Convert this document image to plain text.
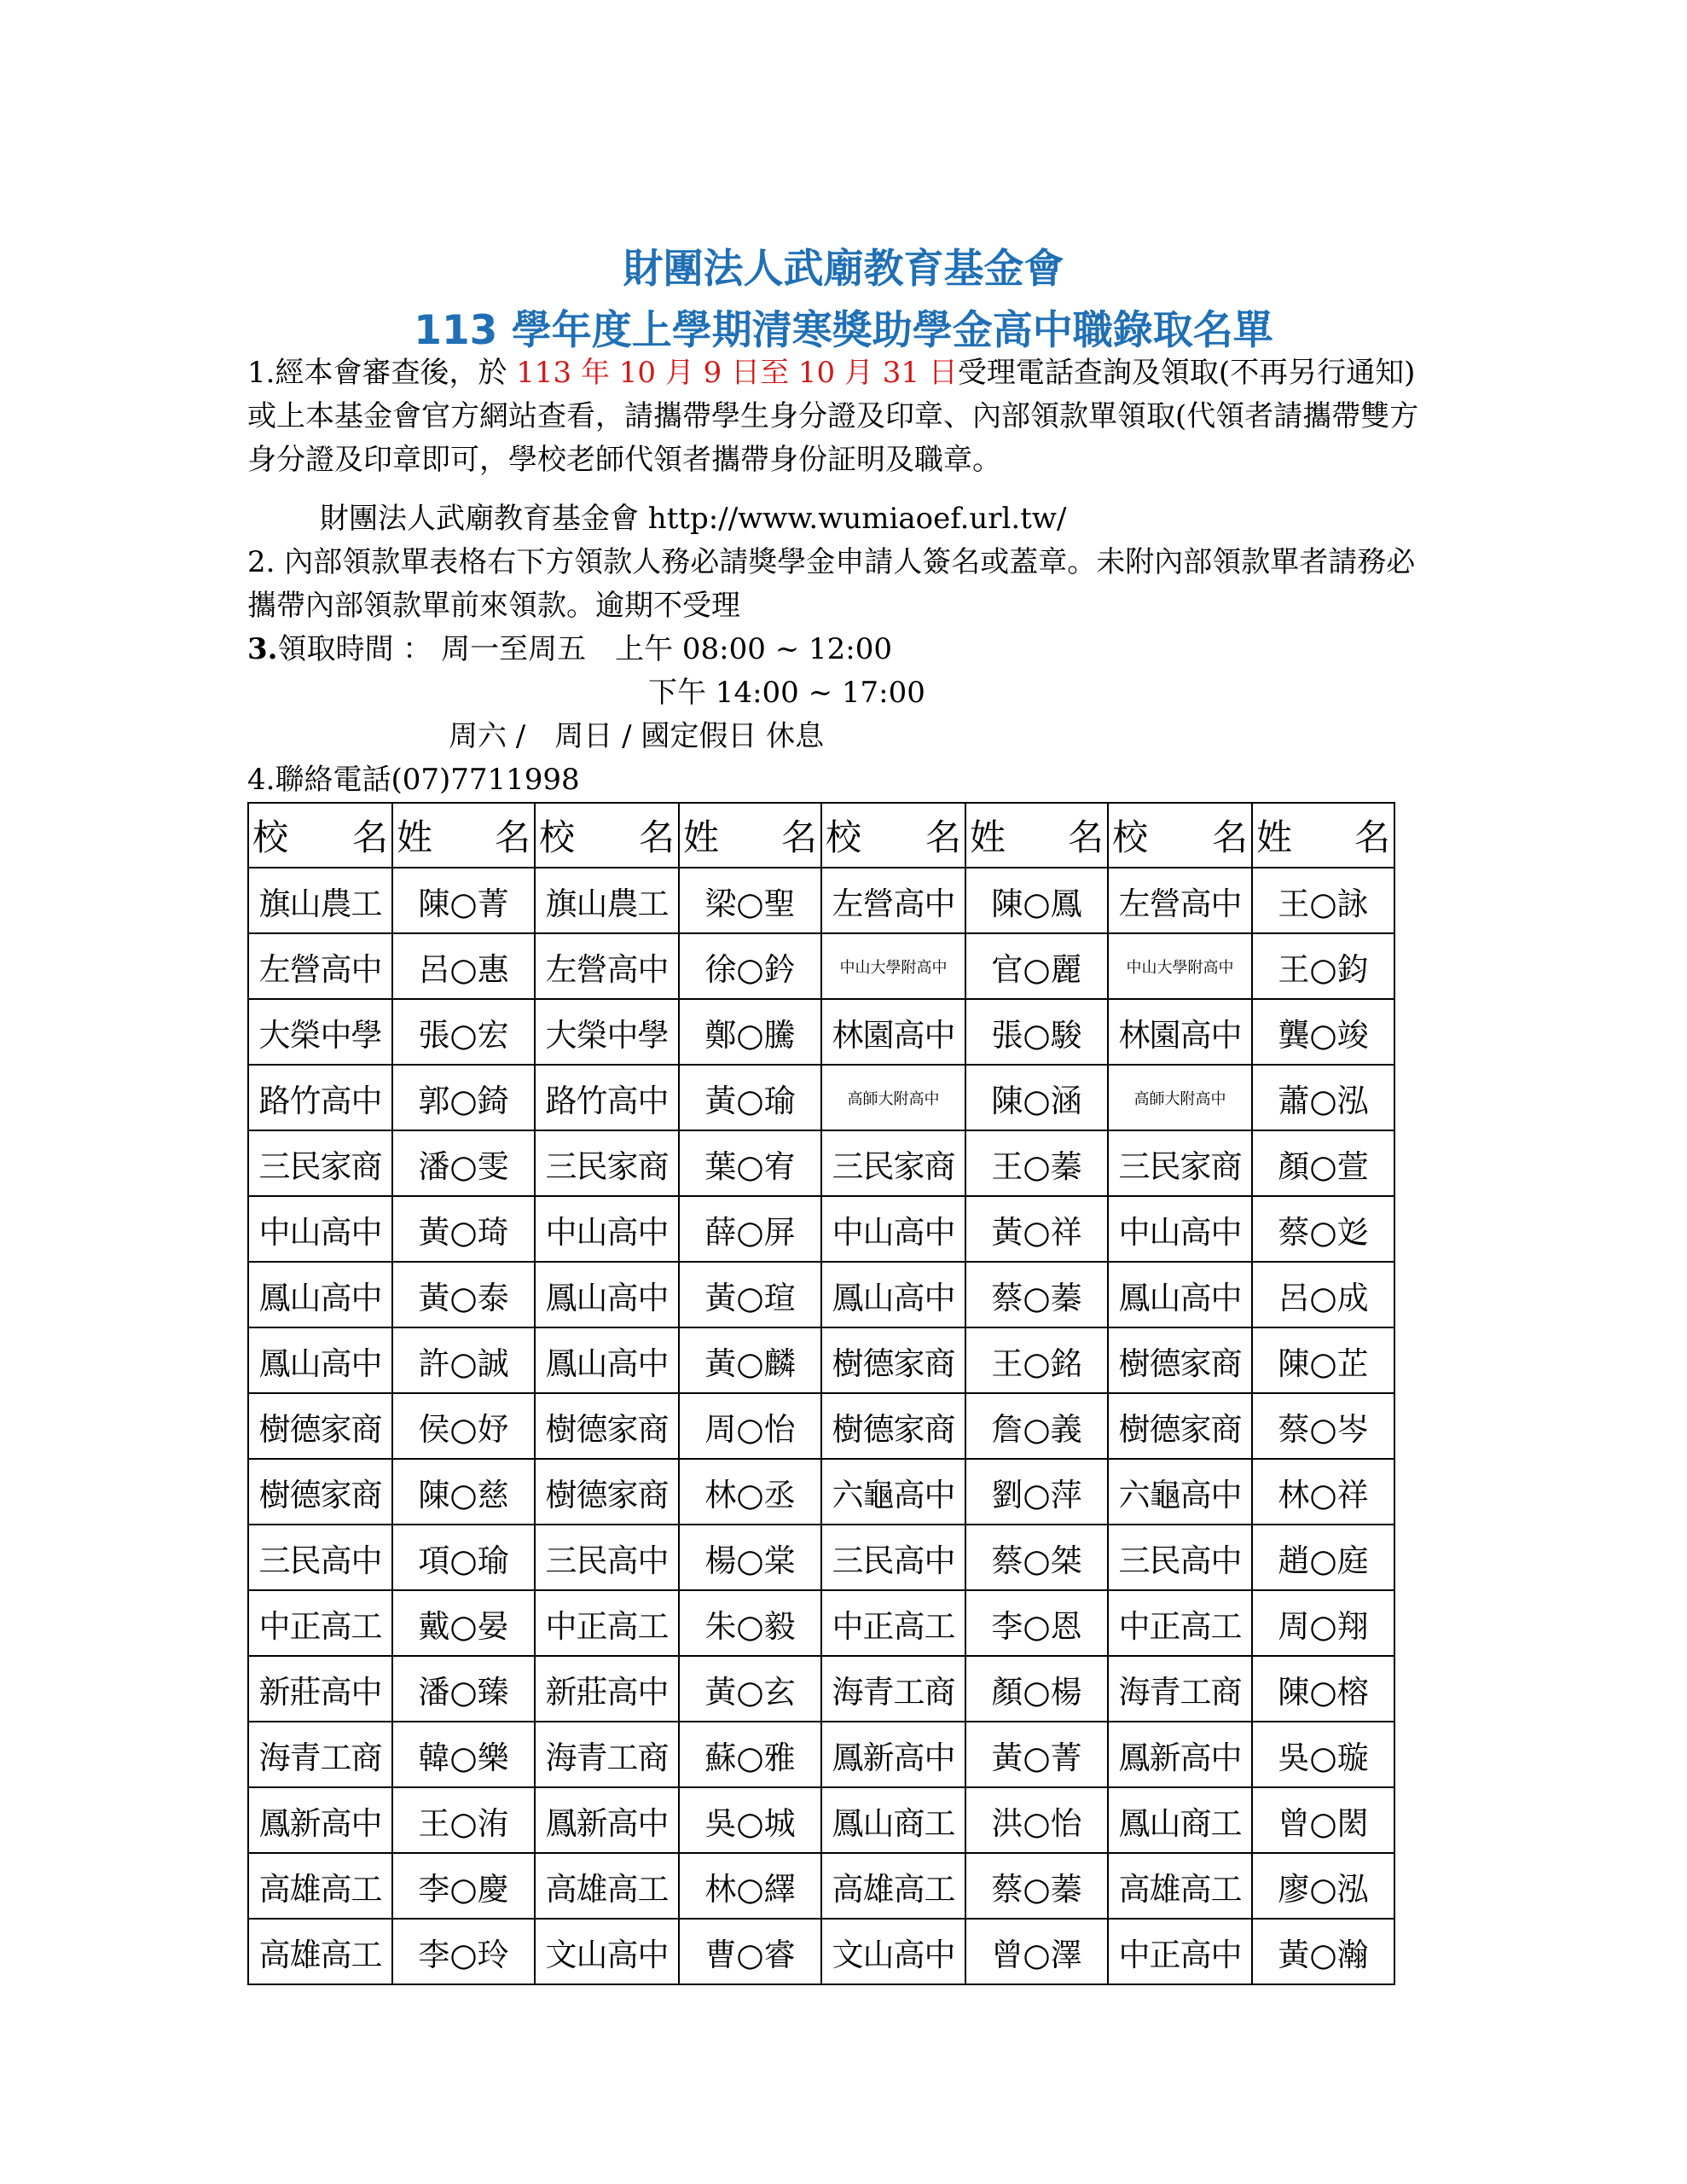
財團法人武廟教育基金會
113 學年度上學期清寒獎助學金高中職錄取名單

1.經本會審查後，於 113 年 10 月 9 日至 10 月 31 日受理電話查詢及領取(不再另行通知)或上本基金會官方網站查看，請攜帶學生身分證及印章、內部領款單領取(代領者請攜帶雙方身分證及印章即可，學校老師代領者攜帶身份証明及職章。

財團法人武廟教育基金會 http://www.wumiaoef.url.tw/

2. 內部領款單表格右下方領款人務必請獎學金申請人簽名或蓋章。未附內部領款單者請務必攜帶內部領款單前來領款。逾期不受理

3.領取時間 ： 周一至周五　上午 08:00 ~ 12:00

下午 14:00 ~ 17:00

周六 /　周日 / 國定假日 休息

4.聯絡電話(07)7711998

校 名	姓 名	校 名	姓 名	校 名	姓 名	校 名	姓 名

旗山農工	陳○菁	旗山農工	梁○聖	左營高中	陳○鳳	左營高中	王○詠
左營高中	呂○惠	左營高中	徐○鈐	中山大學附高中	官○麗	中山大學附高中	王○鈞
大榮中學	張○宏	大榮中學	鄭○騰	林園高中	張○駿	林園高中	龔○竣
路竹高中	郭○錡	路竹高中	黃○瑜	高師大附高中	陳○涵	高師大附高中	蕭○泓
三民家商	潘○雯	三民家商	葉○宥	三民家商	王○蓁	三民家商	顏○萱
中山高中	黃○琦	中山高中	薛○屏	中山高中	黃○祥	中山高中	蔡○彣
鳳山高中	黃○泰	鳳山高中	黃○瑄	鳳山高中	蔡○蓁	鳳山高中	呂○成
鳳山高中	許○誠	鳳山高中	黃○麟	樹德家商	王○銘	樹德家商	陳○芷
樹德家商	侯○妤	樹德家商	周○怡	樹德家商	詹○義	樹德家商	蔡○岑
樹德家商	陳○慈	樹德家商	林○丞	六龜高中	劉○萍	六龜高中	林○祥
三民高中	項○瑜	三民高中	楊○棠	三民高中	蔡○桀	三民高中	趙○庭
中正高工	戴○晏	中正高工	朱○毅	中正高工	李○恩	中正高工	周○翔
新莊高中	潘○臻	新莊高中	黃○玄	海青工商	顏○楊	海青工商	陳○榕
海青工商	韓○樂	海青工商	蘇○雅	鳳新高中	黃○菁	鳳新高中	吳○璇
鳳新高中	王○洧	鳳新高中	吳○城	鳳山商工	洪○怡	鳳山商工	曾○閎
高雄高工	李○慶	高雄高工	林○繹	高雄高工	蔡○蓁	高雄高工	廖○泓
高雄高工	李○玲	文山高中	曹○睿	文山高中	曾○澤	中正高中	黃○瀚
